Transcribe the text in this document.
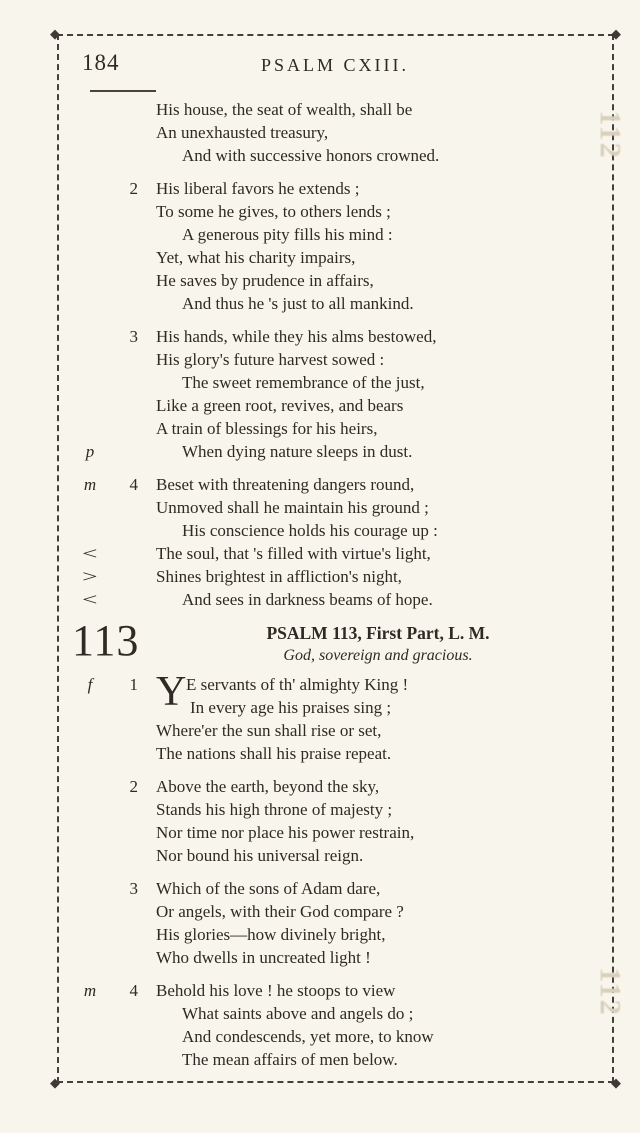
◆	◆
◆	◆
112
112
184	PSALM CXIII.
His house, the seat of wealth, shall be
An unexhausted treasury,
And with successive honors crowned.
2	His liberal favors he extends ;
To some he gives, to others lends ;
A generous pity fills his mind :
Yet, what his charity impairs,
He saves by prudence in affairs,
And thus he 's just to all mankind.
3	His hands, while they his alms bestowed,
His glory's future harvest sowed :
The sweet remembrance of the just,
Like a green root, revives, and bears
A train of blessings for his heirs,
p	When dying nature sleeps in dust.
m	4	Beset with threatening dangers round,
Unmoved shall he maintain his ground ;
His conscience holds his courage up :
<	The soul, that 's filled with virtue's light,
>	Shines brightest in affliction's night,
<	And sees in darkness beams of hope.
113	PSALM 113, First Part, L. M.
God, sovereign and gracious.
f	1	E servants of th' almighty King !
Y In every age his praises sing ;
Where'er the sun shall rise or set,
The nations shall his praise repeat.
2	Above the earth, beyond the sky,
Stands his high throne of majesty ;
Nor time nor place his power restrain,
Nor bound his universal reign.
3	Which of the sons of Adam dare,
Or angels, with their God compare ?
His glories—how divinely bright,
Who dwells in uncreated light !
m	4	Behold his love ! he stoops to view
What saints above and angels do ;
And condescends, yet more, to know
The mean affairs of men below.
